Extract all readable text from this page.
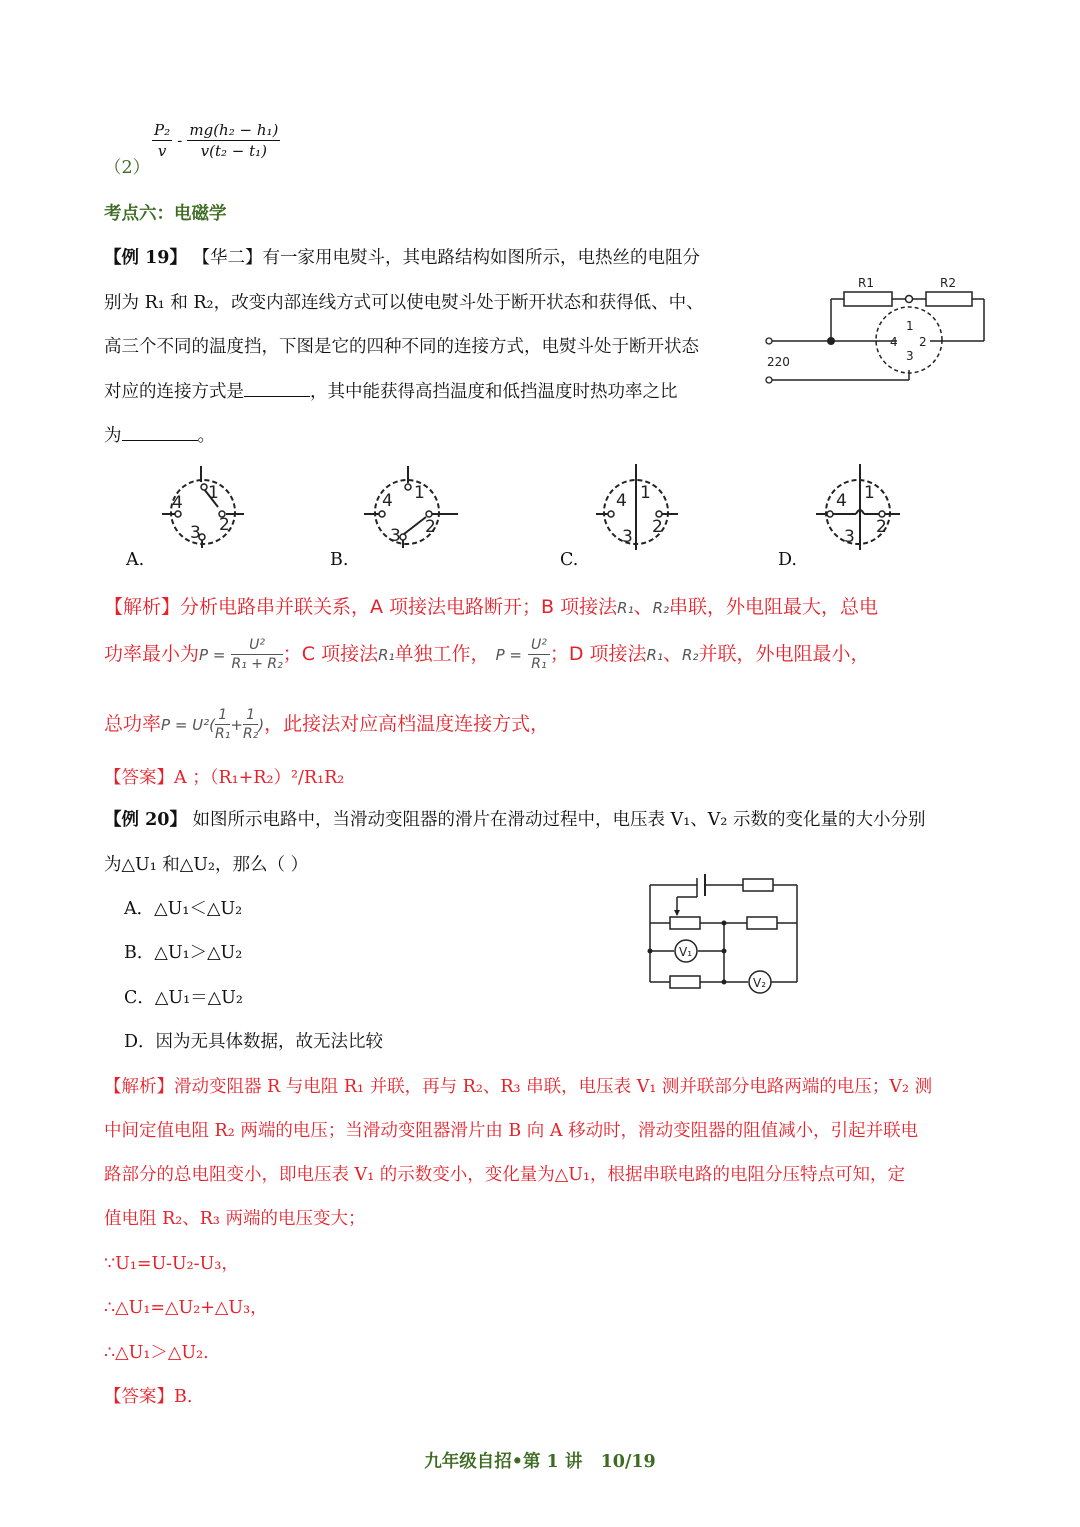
（2）
$\frac{\text{P₂}}{v} - \frac{\text{mg(h₂ − h₁)}}{\text{v(t₂ − t₁)}}$
考点六：电磁学
【例 19】 【华二】有一家用电熨斗，其电路结构如图所示，电热丝的电阻分
别为 R₁ 和 R₂，改变内部连线方式可以使电熨斗处于断开状态和获得低、中、
高三个不同的温度挡，下图是它的四种不同的连接方式，电熨斗处于断开状态
对应的连接方式是	，其中能获得高挡温度和低挡温度时热功率之比
为	。
R1	R2
220
1
2
3
4
1
2
3
4
A.
1
2
3
4
B.
1
2
3
4
C.
1
2
3
4
D.
【解析】分析电路串并联关系，A 项接法电路断开；B 项接法R₁、R₂串联，外电阻最大，总电
功率最小为$P = \frac{\text{U²}}{\text{R₁ + R₂}}$ ；C 项接法R₁单独工作， $P = \frac{\text{U²}}{\text{R₁}}$ ；D 项接法R₁、R₂并联，外电阻最小，
总功率$P = U^2( \frac{1}{\text{R₁}} + \frac{1}{\text{R₂}}$ )，此接法对应高档温度连接方式，
【答案】A ；（R₁+R₂）²/R₁R₂
【例 20】 如图所示电路中，当滑动变阻器的滑片在滑动过程中，电压表 V₁、V₂ 示数的变化量的大小分别
为△U₁ 和△U₂，那么（ ）
A．△U₁＜△U₂
B．△U₁＞△U₂
C．△U₁＝△U₂
D．因为无具体数据，故无法比较
V₁
V₂
【解析】滑动变阻器 R 与电阻 R₁ 并联，再与 R₂、R₃ 串联，电压表 V₁ 测并联部分电路两端的电压；V₂ 测
中间定值电阻 R₂ 两端的电压；当滑动变阻器滑片由 B 向 A 移动时，滑动变阻器的阻值减小，引起并联电
路部分的总电阻变小，即电压表 V₁ 的示数变小，变化量为△U₁，根据串联电路的电阻分压特点可知，定
值电阻 R₂、R₃ 两端的电压变大；
∵U₁=U-U₂-U₃，
∴△U₁=△U₂+△U₃，
∴△U₁＞△U₂.
【答案】B.
九年级自招•第 1 讲 10/19
